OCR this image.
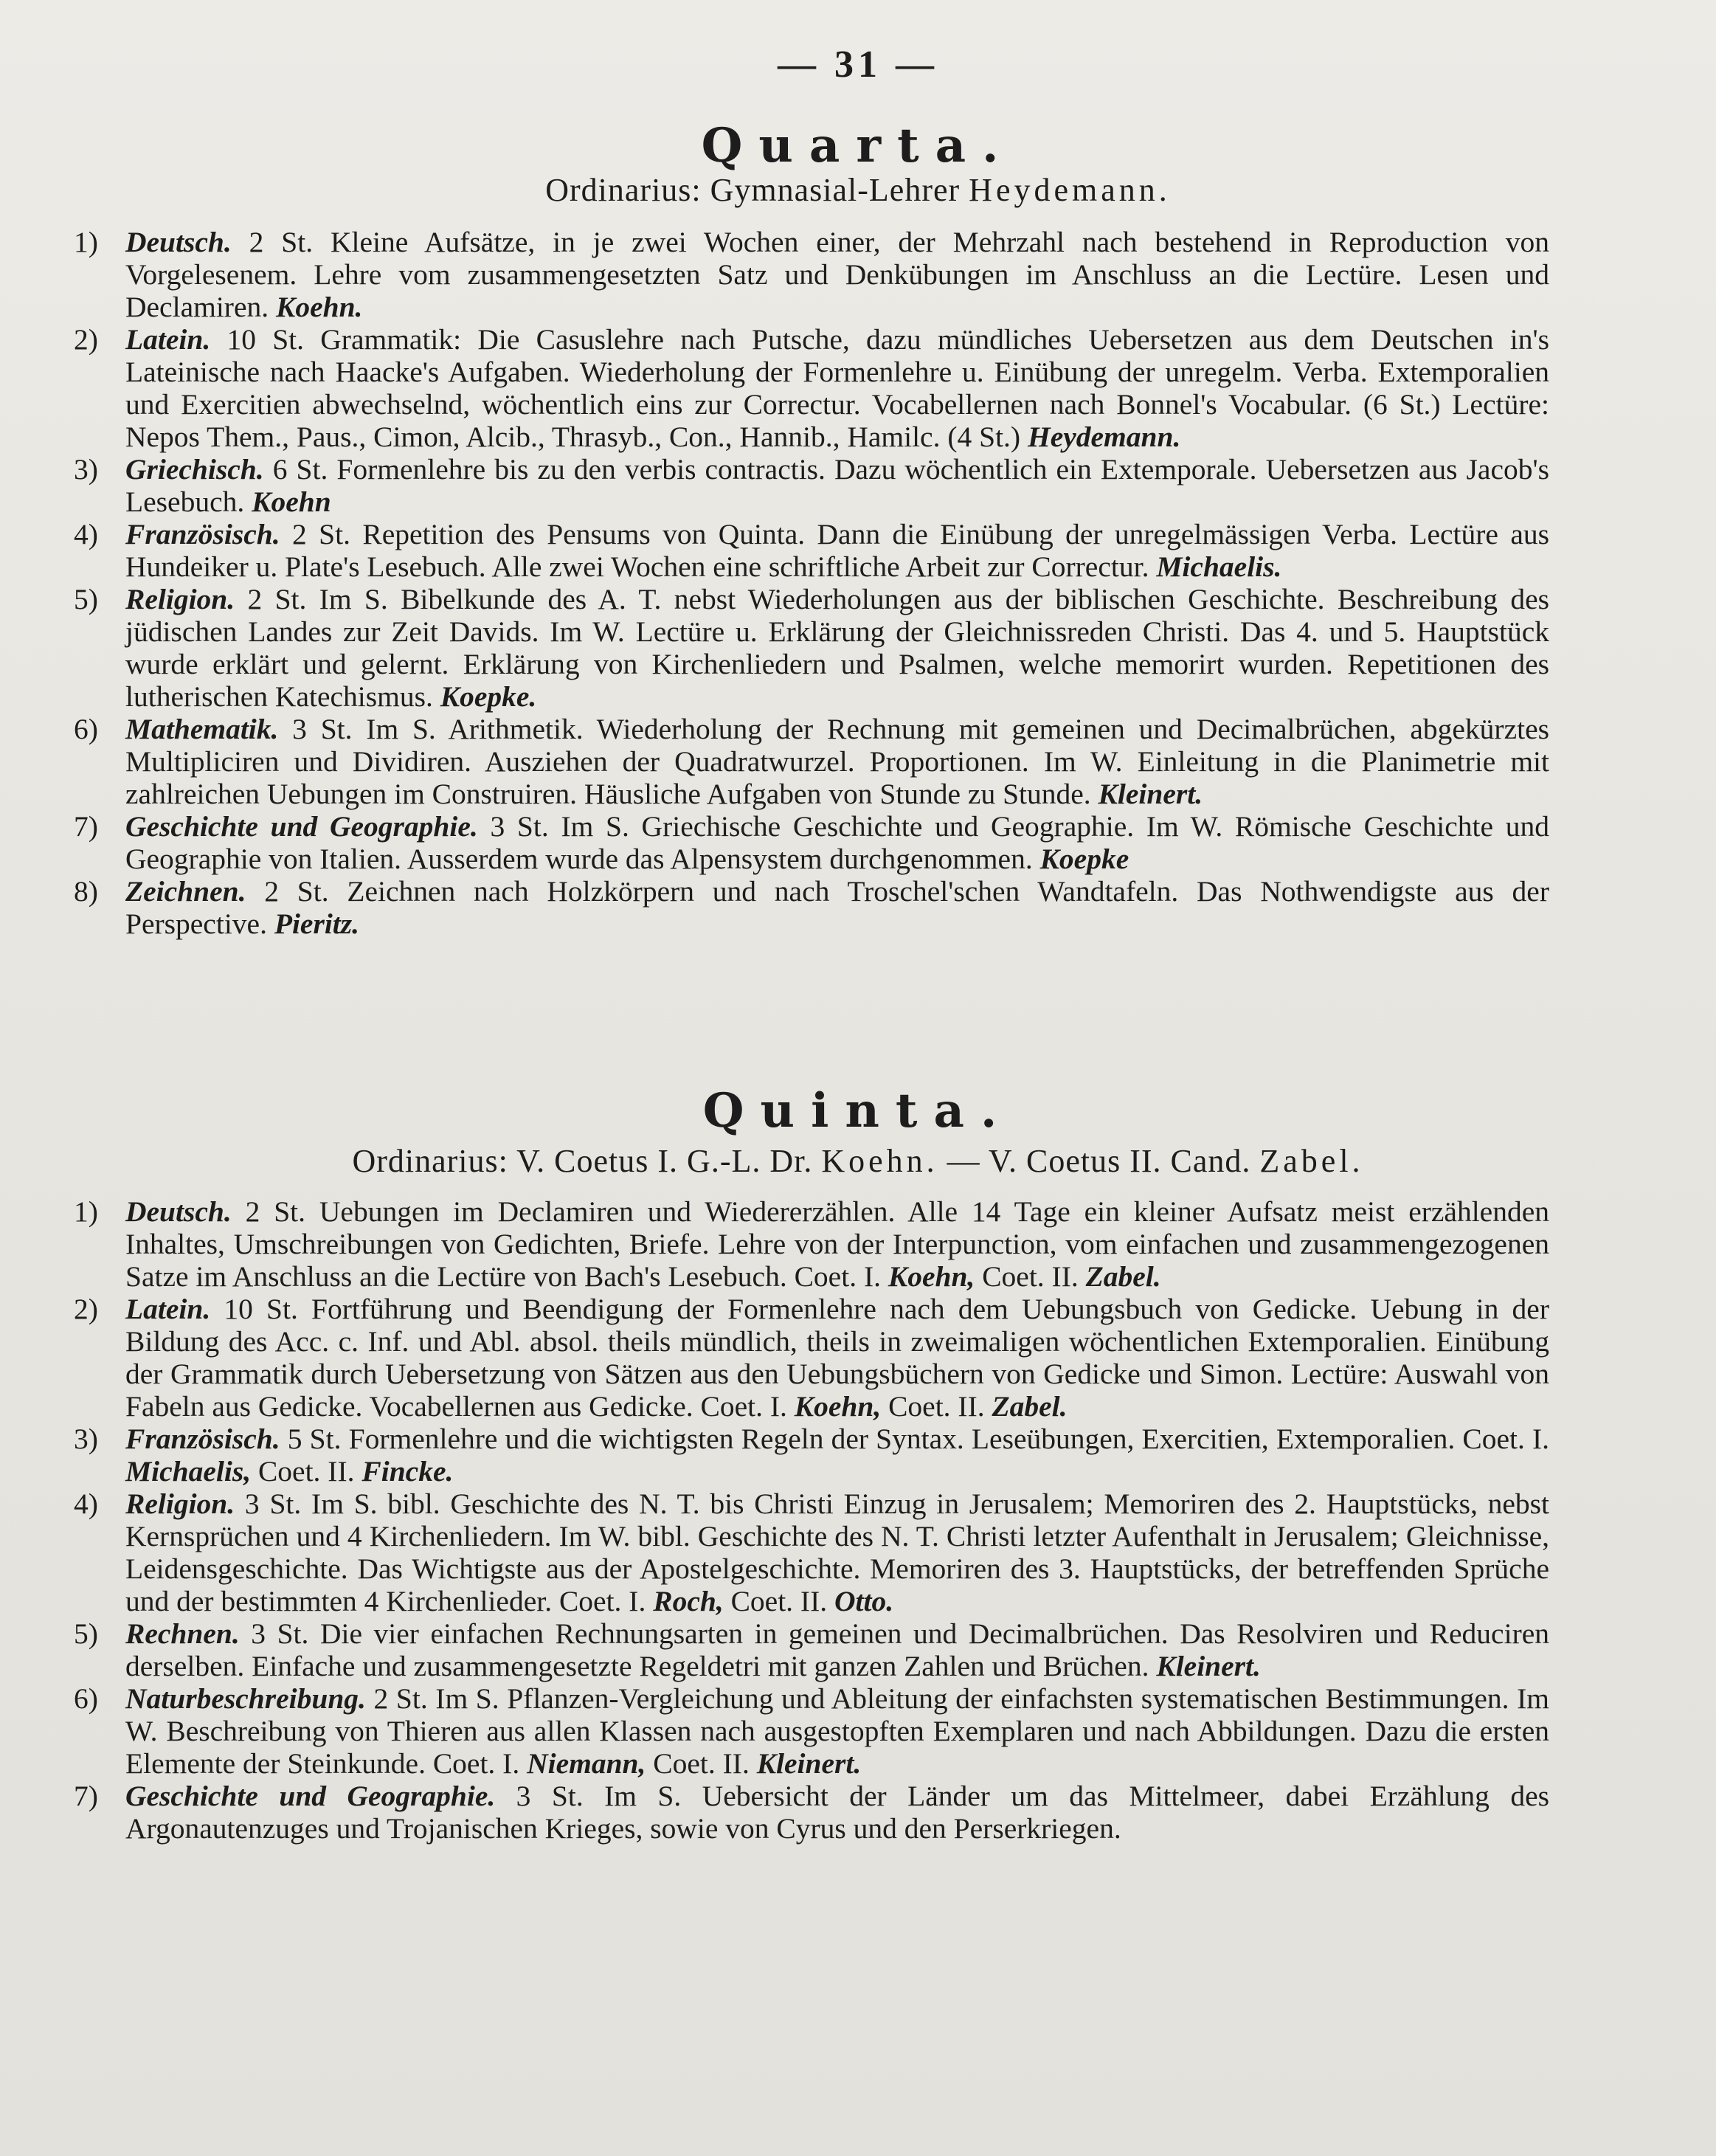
— 31 —
Quarta.
Ordinarius: Gymnasial-Lehrer Heydemann.

1) Deutsch. 2 St. Kleine Aufsätze, in je zwei Wochen einer, der Mehrzahl nach bestehend in Reproduction von Vorgelesenem. Lehre vom zusammengesetzten Satz und Denkübungen im Anschluss an die Lectüre. Lesen und Declamiren. Koehn.

2) Latein. 10 St. Grammatik: Die Casuslehre nach Putsche, dazu mündliches Uebersetzen aus dem Deutschen in's Lateinische nach Haacke's Aufgaben. Wiederholung der Formenlehre u. Einübung der unregelm. Verba. Extemporalien und Exercitien abwechselnd, wöchentlich eins zur Correctur. Vocabellernen nach Bonnel's Vocabular. (6 St.) Lectüre: Nepos Them., Paus., Cimon, Alcib., Thrasyb., Con., Hannib., Hamilc. (4 St.) Heydemann.

3) Griechisch. 6 St. Formenlehre bis zu den verbis contractis. Dazu wöchentlich ein Extemporale. Uebersetzen aus Jacob's Lesebuch. Koehn

4) Französisch. 2 St. Repetition des Pensums von Quinta. Dann die Einübung der unregelmässigen Verba. Lectüre aus Hundeiker u. Plate's Lesebuch. Alle zwei Wochen eine schriftliche Arbeit zur Correctur. Michaelis.

5) Religion. 2 St. Im S. Bibelkunde des A. T. nebst Wiederholungen aus der biblischen Geschichte. Beschreibung des jüdischen Landes zur Zeit Davids. Im W. Lectüre u. Erklärung der Gleichnissreden Christi. Das 4. und 5. Hauptstück wurde erklärt und gelernt. Erklärung von Kirchenliedern und Psalmen, welche memorirt wurden. Repetitionen des lutherischen Katechismus. Koepke.

6) Mathematik. 3 St. Im S. Arithmetik. Wiederholung der Rechnung mit gemeinen und Decimalbrüchen, abgekürztes Multipliciren und Dividiren. Ausziehen der Quadratwurzel. Proportionen. Im W. Einleitung in die Planimetrie mit zahlreichen Uebungen im Construiren. Häusliche Aufgaben von Stunde zu Stunde. Kleinert.

7) Geschichte und Geographie. 3 St. Im S. Griechische Geschichte und Geographie. Im W. Römische Geschichte und Geographie von Italien. Ausserdem wurde das Alpensystem durchgenommen. Koepke

8) Zeichnen. 2 St. Zeichnen nach Holzkörpern und nach Troschel'schen Wandtafeln. Das Nothwendigste aus der Perspective. Pieritz.

Quinta.
Ordinarius: V. Coetus I. G.-L. Dr. Koehn. — V. Coetus II. Cand. Zabel.

1) Deutsch. 2 St. Uebungen im Declamiren und Wiedererzählen. Alle 14 Tage ein kleiner Aufsatz meist erzählenden Inhaltes, Umschreibungen von Gedichten, Briefe. Lehre von der Interpunction, vom einfachen und zusammengezogenen Satze im Anschluss an die Lectüre von Bach's Lesebuch. Coet. I. Koehn, Coet. II. Zabel.

2) Latein. 10 St. Fortführung und Beendigung der Formenlehre nach dem Uebungsbuch von Gedicke. Uebung in der Bildung des Acc. c. Inf. und Abl. absol. theils mündlich, theils in zweimaligen wöchentlichen Extemporalien. Einübung der Grammatik durch Uebersetzung von Sätzen aus den Uebungsbüchern von Gedicke und Simon. Lectüre: Auswahl von Fabeln aus Gedicke. Vocabellernen aus Gedicke. Coet. I. Koehn, Coet. II. Zabel.

3) Französisch. 5 St. Formenlehre und die wichtigsten Regeln der Syntax. Leseübungen, Exercitien, Extemporalien. Coet. I. Michaelis, Coet. II. Fincke.

4) Religion. 3 St. Im S. bibl. Geschichte des N. T. bis Christi Einzug in Jerusalem; Memoriren des 2. Hauptstücks, nebst Kernsprüchen und 4 Kirchenliedern. Im W. bibl. Geschichte des N. T. Christi letzter Aufenthalt in Jerusalem; Gleichnisse, Leidensgeschichte. Das Wichtigste aus der Apostelgeschichte. Memoriren des 3. Hauptstücks, der betreffenden Sprüche und der bestimmten 4 Kirchenlieder. Coet. I. Roch, Coet. II. Otto.

5) Rechnen. 3 St. Die vier einfachen Rechnungsarten in gemeinen und Decimalbrüchen. Das Resolviren und Reduciren derselben. Einfache und zusammengesetzte Regeldetri mit ganzen Zahlen und Brüchen. Kleinert.

6) Naturbeschreibung. 2 St. Im S. Pflanzen-Vergleichung und Ableitung der einfachsten systematischen Bestimmungen. Im W. Beschreibung von Thieren aus allen Klassen nach ausgestopften Exemplaren und nach Abbildungen. Dazu die ersten Elemente der Steinkunde. Coet. I. Niemann, Coet. II. Kleinert.

7) Geschichte und Geographie. 3 St. Im S. Uebersicht der Länder um das Mittelmeer, dabei Erzählung des Argonautenzuges und Trojanischen Krieges, sowie von Cyrus und den Perserkriegen.
